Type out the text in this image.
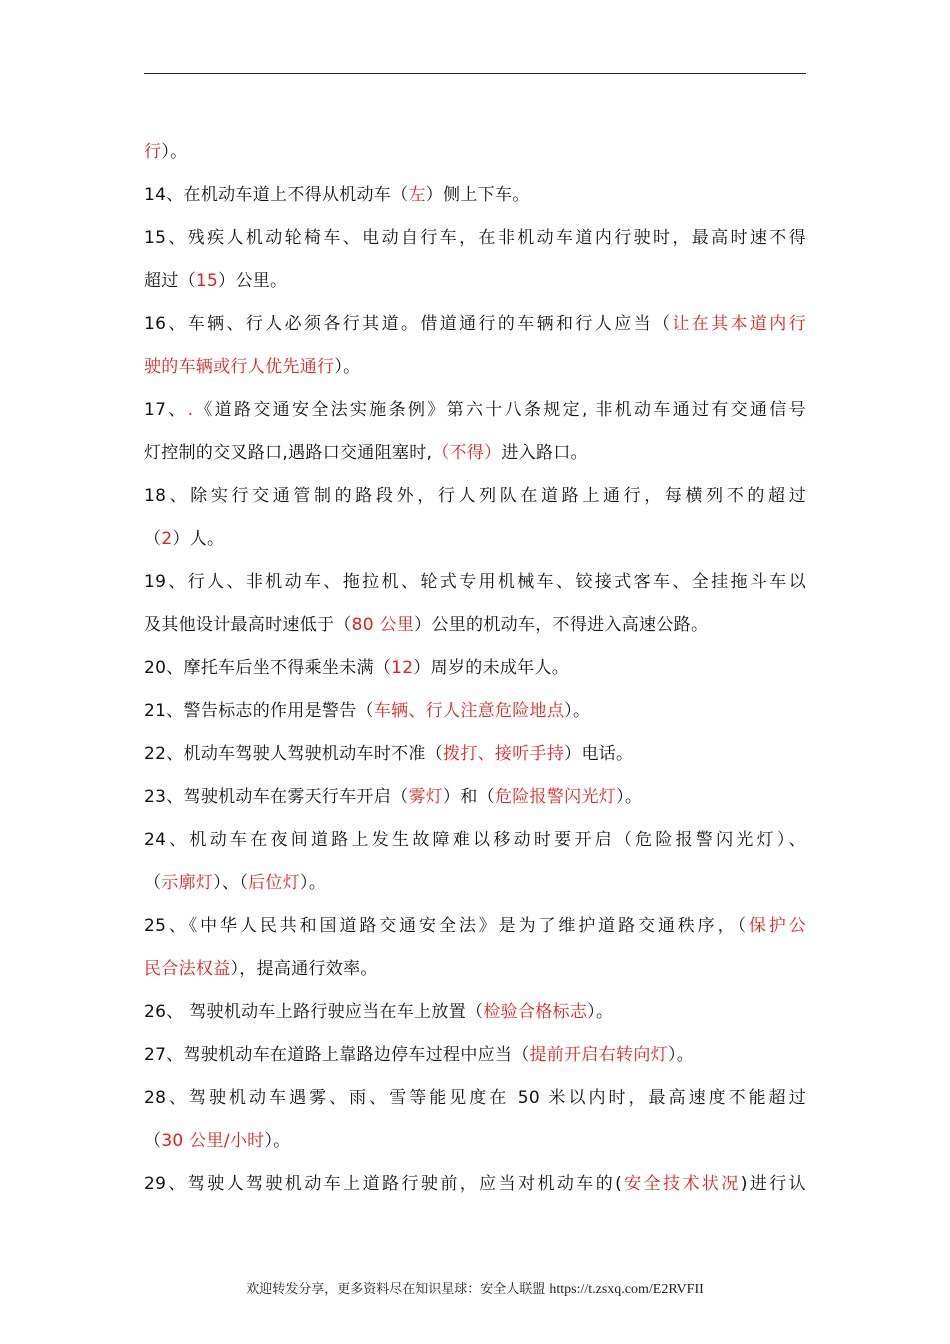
行）。
14、在机动车道上不得从机动车（左）侧上下车。
15、残疾人机动轮椅车、电动自行车，在非机动车道内行驶时，最高时速不得
超过（15）公里。
16、车辆、行人必须各行其道。借道通行的车辆和行人应当（让在其本道内行
驶的车辆或行人优先通行）。
17、.《道路交通安全法实施条例》第六十八条规定, 非机动车通过有交通信号
灯控制的交叉路口,遇路口交通阻塞时,（不得）进入路口。
18、除实行交通管制的路段外，行人列队在道路上通行，每横列不的超过
（2）人。
19、行人、非机动车、拖拉机、轮式专用机械车、铰接式客车、全挂拖斗车以
及其他设计最高时速低于（80 公里）公里的机动车，不得进入高速公路。
20、摩托车后坐不得乘坐未满（12）周岁的未成年人。
21、警告标志的作用是警告（车辆、行人注意危险地点）。
22、机动车驾驶人驾驶机动车时不准（拨打、接听手持）电话。
23、驾驶机动车在雾天行车开启（雾灯）和（危险报警闪光灯）。
24、机动车在夜间道路上发生故障难以移动时要开启（危险报警闪光灯）、
（示廓灯）、（后位灯）。
25、《中华人民共和国道路交通安全法》是为了维护道路交通秩序，（保护公
民合法权益），提高通行效率。
26、 驾驶机动车上路行驶应当在车上放置（检验合格标志）。
27、驾驶机动车在道路上靠路边停车过程中应当（提前开启右转向灯）。
28、驾驶机动车遇雾、雨、雪等能见度在 50 米以内时，最高速度不能超过
（30 公里/小时）。
29、驾驶人驾驶机动车上道路行驶前，应当对机动车的(安全技术状况)进行认
欢迎转发分享，更多资料尽在知识星球：安全人联盟 https://t.zsxq.com/E2RVFII
